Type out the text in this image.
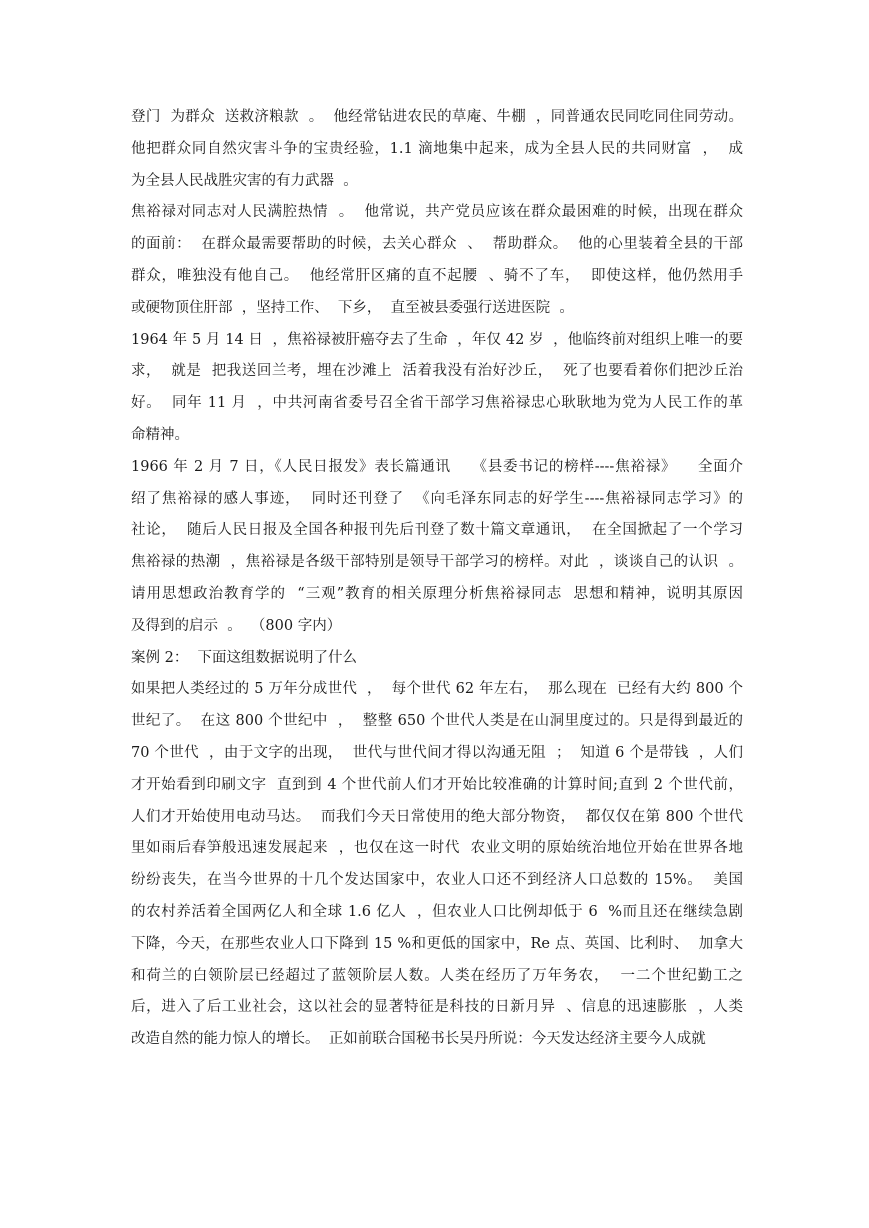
登门  为群众  送救济粮款  。  他经常钻进农民的草庵、牛棚  ，同普通农民同吃同住同劳动。
他把群众同自然灾害斗争的宝贵经验，1.1 滴地集中起来，成为全县人民的共同财富  ，  成
为全县人民战胜灾害的有力武器  。
焦裕禄对同志对人民满腔热情  。  他常说，共产党员应该在群众最困难的时候，出现在群众
的面前：  在群众最需要帮助的时候，去关心群众  、  帮助群众。  他的心里装着全县的干部
群众，唯独没有他自己。  他经常肝区痛的直不起腰  、骑不了车，  即使这样，他仍然用手
或硬物顶住肝部  ，坚持工作、  下乡，  直至被县委强行送进医院  。
1964 年 5 月 14 日  ，焦裕禄被肝癌夺去了生命  ，年仅 42 岁  ，他临终前对组织上唯一的要
求，  就是  把我送回兰考，埋在沙滩上  活着我没有治好沙丘，  死了也要看着你们把沙丘治
好。  同年 11 月  ，中共河南省委号召全省干部学习焦裕禄忠心耿耿地为党为人民工作的革
命精神。
1966 年 2 月 7 日，《人民日报发》表长篇通讯    《县委书记的榜样----焦裕禄》    全面介
绍了焦裕禄的感人事迹，  同时还刊登了  《向毛泽东同志的好学生----焦裕禄同志学习》的
社论，  随后人民日报及全国各种报刊先后刊登了数十篇文章通讯，  在全国掀起了一个学习
焦裕禄的热潮  ，焦裕禄是各级干部特别是领导干部学习的榜样。对此  ，谈谈自己的认识  。
请用思想政治教育学的  “三观”教育的相关原理分析焦裕禄同志  思想和精神，说明其原因
及得到的启示  。  （800 字内）
案例 2：  下面这组数据说明了什么
如果把人类经过的 5 万年分成世代  ，  每个世代 62 年左右，  那么现在  已经有大约 800 个
世纪了。  在这 800 个世纪中  ，  整整 650 个世代人类是在山洞里度过的。只是得到最近的
70 个世代  ，由于文字的出现，  世代与世代间才得以沟通无阻  ；  知道 6 个是带钱  ，人们
才开始看到印刷文字  直到到 4 个世代前人们才开始比较准确的计算时间;直到 2 个世代前，
人们才开始使用电动马达。  而我们今天日常使用的绝大部分物资，  都仅仅在第 800 个世代
里如雨后春笋般迅速发展起来  ，也仅在这一时代  农业文明的原始统治地位开始在世界各地
纷纷丧失，在当今世界的十几个发达国家中，农业人口还不到经济人口总数的 15%。  美国
的农村养活着全国两亿人和全球 1.6 亿人  ，但农业人口比例却低于 6  %而且还在继续急剧
下降，今天，在那些农业人口下降到 15 %和更低的国家中，Re 点、英国、比利时、  加拿大
和荷兰的白领阶层已经超过了蓝领阶层人数。人类在经历了万年务农，  一二个世纪勤工之
后，进入了后工业社会，这以社会的显著特征是科技的日新月异  、信息的迅速膨胀  ，人类
改造自然的能力惊人的增长。  正如前联合国秘书长吴丹所说：今天发达经济主要今人成就
